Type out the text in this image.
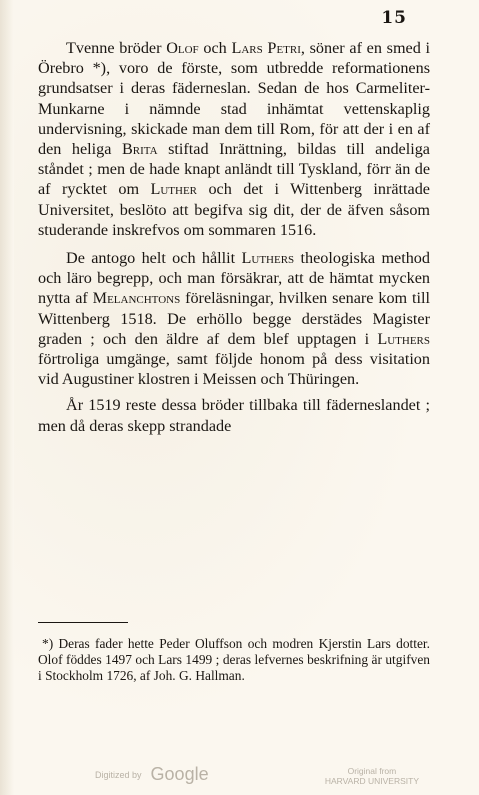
15

Tvenne bröder Olof och Lars Petri, söner af en smed i Örebro *), voro de förste, som utbredde reformationens grundsatser i deras fäderneslan. Sedan de hos Carmeliter-Munkarne i nämnde stad inhämtat vettenskaplig undervisning, skickade man dem till Rom, för att der i en af den heliga Brita stiftad Inrättning, bildas till andeliga ståndet ; men de hade knapt anländt till Tyskland, förr än de af rycktet om Luther och det i Wittenberg inrättade Universitet, beslöto att begifva sig dit, der de äfven såsom studerande inskrefvos om sommaren 1516.

De antogo helt och hållit Luthers theologiska method och läro begrepp, och man försäkrar, att de hämtat mycken nytta af Melanchtons föreläsningar, hvilken senare kom till Wittenberg 1518. De erhöllo begge derstädes Magister graden ; och den äldre af dem blef upptagen i Luthers förtroliga umgänge, samt följde honom på dess visitation vid Augustiner klostren i Meissen och Thüringen.

År 1519 reste dessa bröder tillbaka till fäderneslandet ; men då deras skepp strandade

*) Deras fader hette Peder Oluffson och modren Kjerstin Lars dotter. Olof föddes 1497 och Lars 1499 ; deras lefvernes beskrifning är utgifven i Stockholm 1726, af Joh. G. Hallman.

Digitized by Google	Original from
HARVARD UNIVERSITY
